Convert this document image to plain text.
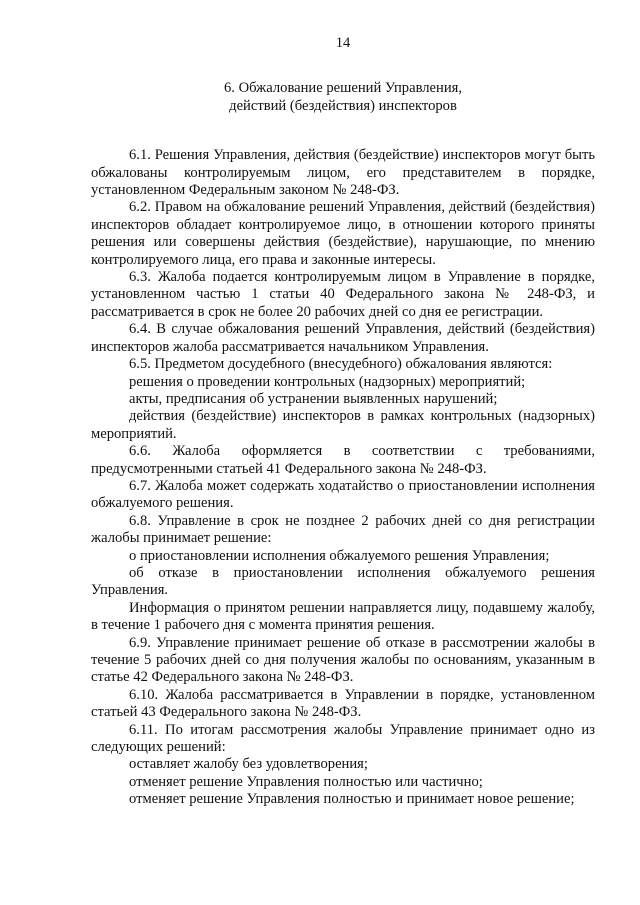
14
6. Обжалование решений Управления,
действий (бездействия) инспекторов

6.1. Решения Управления, действия (бездействие) инспекторов могут быть обжалованы контролируемым лицом, его представителем в порядке, установленном Федеральным законом № 248-ФЗ.

6.2. Правом на обжалование решений Управления, действий (бездействия) инспекторов обладает контролируемое лицо, в отношении которого приняты решения или совершены действия (бездействие), нарушающие, по мнению контролируемого лица, его права и законные интересы.

6.3. Жалоба подается контролируемым лицом в Управление в порядке, установленном частью 1 статьи 40 Федерального закона № 248-ФЗ, и рассматривается в срок не более 20 рабочих дней со дня ее регистрации.

6.4. В случае обжалования решений Управления, действий (бездействия) инспекторов жалоба рассматривается начальником Управления.

6.5. Предметом досудебного (внесудебного) обжалования являются:

решения о проведении контрольных (надзорных) мероприятий;

акты, предписания об устранении выявленных нарушений;

действия (бездействие) инспекторов в рамках контрольных (надзорных) мероприятий.

6.6. Жалоба оформляется в соответствии с требованиями, предусмотренными статьей 41 Федерального закона № 248-ФЗ.

6.7. Жалоба может содержать ходатайство о приостановлении исполнения обжалуемого решения.

6.8. Управление в срок не позднее 2 рабочих дней со дня регистрации жалобы принимает решение:

о приостановлении исполнения обжалуемого решения Управления;

об отказе в приостановлении исполнения обжалуемого решения Управления.

Информация о принятом решении направляется лицу, подавшему жалобу, в течение 1 рабочего дня с момента принятия решения.

6.9. Управление принимает решение об отказе в рассмотрении жалобы в течение 5 рабочих дней со дня получения жалобы по основаниям, указанным в статье 42 Федерального закона № 248-ФЗ.

6.10. Жалоба рассматривается в Управлении в порядке, установленном статьей 43 Федерального закона № 248-ФЗ.

6.11. По итогам рассмотрения жалобы Управление принимает одно из следующих решений:

оставляет жалобу без удовлетворения;

отменяет решение Управления полностью или частично;

отменяет решение Управления полностью и принимает новое решение;
